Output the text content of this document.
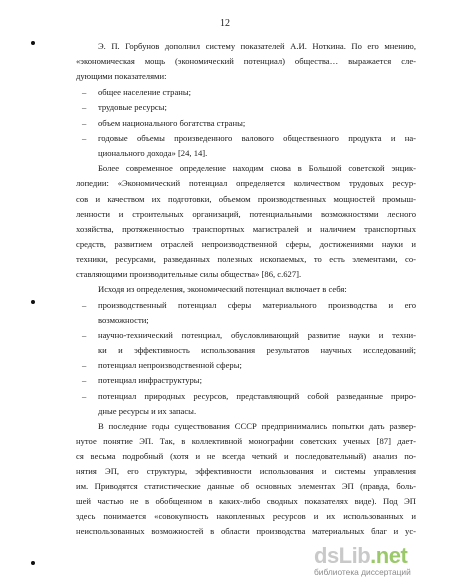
12
Э. П. Горбунов дополнил систему показателей А.И. Ноткина. По его мнению,
«экономическая мощь (экономический потенциал) общества… выражается сле-
дующими показателями:
– общее население страны;
– трудовые ресурсы;
– объем национального богатства страны;
– годовые объемы произведенного валового общественного продукта и на-
ционального дохода» [24, 14].
Более современное определение находим снова в Большой советской энцик-
лопедии: «Экономический потенциал определяется количеством трудовых ресур-
сов и качеством их подготовки, объемом производственных мощностей промыш-
ленности и строительных организаций, потенциальными возможностями лесного
хозяйства, протяженностью транспортных магистралей и наличием транспортных
средств, развитием отраслей непроизводственной сферы, достижениями науки и
техники, ресурсами, разведанных полезных ископаемых, то есть элементами, со-
ставляющими производительные силы общества» [86, с.627].
Исходя из определения, экономический потенциал включает в себя:
– производственный потенциал сферы материального производства и его
возможности;
– научно-технический потенциал, обусловливающий развитие науки и техни-
ки и эффективность использования результатов научных исследований;
– потенциал непроизводственной сферы;
– потенциал инфраструктуры;
– потенциал природных ресурсов, представляющий собой разведанные приро-
дные ресурсы и их запасы.
В последние годы существования СССР предпринимались попытки дать развер-
нутое понятие ЭП. Так, в коллективной монографии советских ученых [87] дает-
ся весьма подробный (хотя и не всегда четкий и последовательный) анализ по-
нятия ЭП, его структуры, эффективности использования и системы управления
им. Приводятся статистические данные об основных элементах ЭП (правда, боль-
шей частью не в обобщенном в каких-либо сводных показателях виде). Под ЭП
здесь понимается «совокупность накопленных ресурсов и их использованных и
неиспользованных возможностей в области производства материальных благ и ус-
dsLib.net
библиотека диссертаций
